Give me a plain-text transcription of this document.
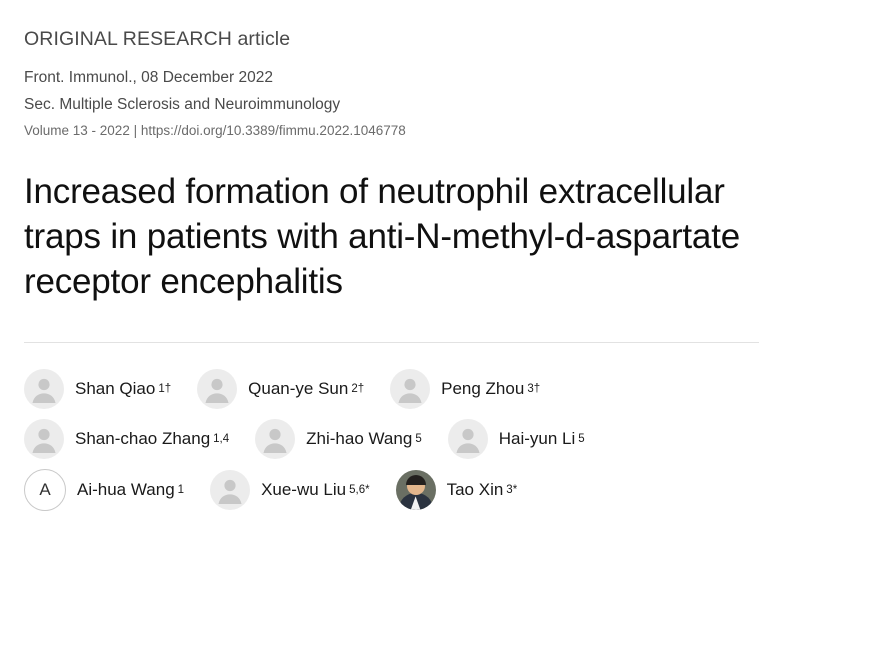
ORIGINAL RESEARCH article
Front. Immunol., 08 December 2022
Sec. Multiple Sclerosis and Neuroimmunology
Volume 13 - 2022 | https://doi.org/10.3389/fimmu.2022.1046778
Increased formation of neutrophil extracellular traps in patients with anti-N-methyl-d-aspartate receptor encephalitis
Shan Qiao 1†	Quan-ye Sun 2†	Peng Zhou 3†
Shan-chao Zhang 1,4	Zhi-hao Wang 5	Hai-yun Li 5
A	Ai-hua Wang 1	Xue-wu Liu 5,6*	Tao Xin 3*
